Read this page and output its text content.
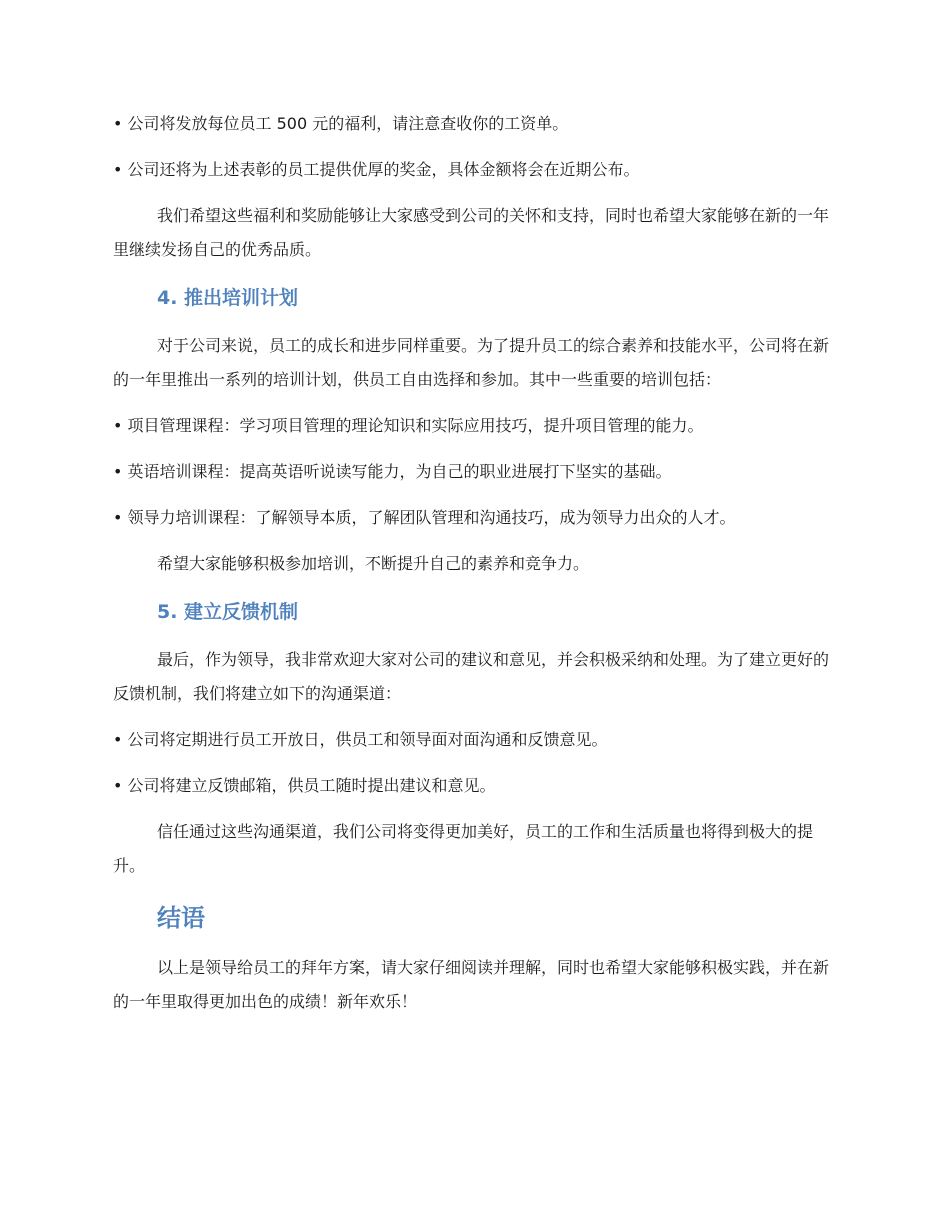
• 公司将发放每位员工 500 元的福利，请注意查收你的工资单。

• 公司还将为上述表彰的员工提供优厚的奖金，具体金额将会在近期公布。

我们希望这些福利和奖励能够让大家感受到公司的关怀和支持，同时也希望大家能够在新的一年里继续发扬自己的优秀品质。

4. 推出培训计划

对于公司来说，员工的成长和进步同样重要。为了提升员工的综合素养和技能水平，公司将在新的一年里推出一系列的培训计划，供员工自由选择和参加。其中一些重要的培训包括：

• 项目管理课程：学习项目管理的理论知识和实际应用技巧，提升项目管理的能力。

• 英语培训课程：提高英语听说读写能力，为自己的职业进展打下坚实的基础。

• 领导力培训课程：了解领导本质，了解团队管理和沟通技巧，成为领导力出众的人才。

希望大家能够积极参加培训，不断提升自己的素养和竞争力。

5. 建立反馈机制

最后，作为领导，我非常欢迎大家对公司的建议和意见，并会积极采纳和处理。为了建立更好的反馈机制，我们将建立如下的沟通渠道：

• 公司将定期进行员工开放日，供员工和领导面对面沟通和反馈意见。

• 公司将建立反馈邮箱，供员工随时提出建议和意见。

信任通过这些沟通渠道，我们公司将变得更加美好，员工的工作和生活质量也将得到极大的提升。

结语

以上是领导给员工的拜年方案，请大家仔细阅读并理解，同时也希望大家能够积极实践，并在新的一年里取得更加出色的成绩！新年欢乐！
